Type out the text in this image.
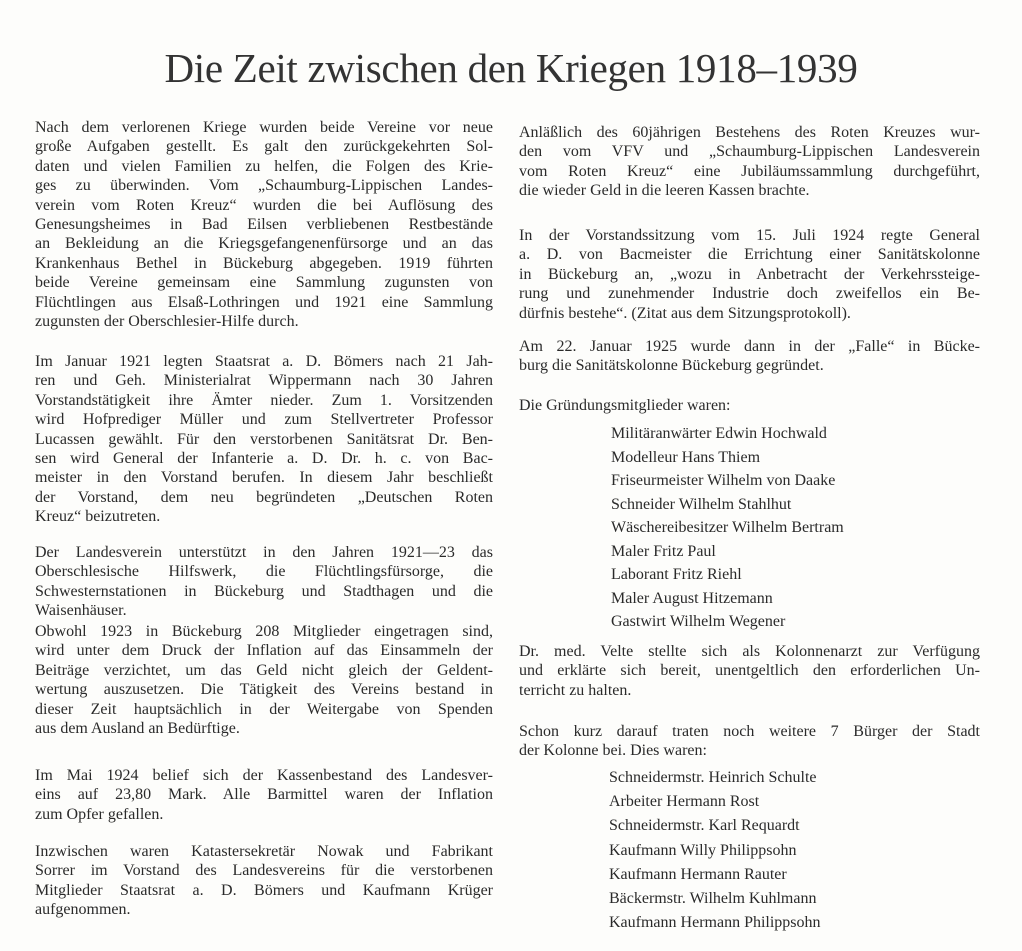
Die Zeit zwischen den Kriegen 1918–1939
Nach dem verlorenen Kriege wurden beide Vereine vor neue
große Aufgaben gestellt. Es galt den zurückgekehrten Sol-
daten und vielen Familien zu helfen, die Folgen des Krie-
ges zu überwinden. Vom „Schaumburg-Lippischen Landes-
verein vom Roten Kreuz“ wurden die bei Auflösung des
Genesungsheimes in Bad Eilsen verbliebenen Restbestände
an Bekleidung an die Kriegsgefangenenfürsorge und an das
Krankenhaus Bethel in Bückeburg abgegeben. 1919 führten
beide Vereine gemeinsam eine Sammlung zugunsten von
Flüchtlingen aus Elsaß-Lothringen und 1921 eine Sammlung
zugunsten der Oberschlesier-Hilfe durch.
Im Januar 1921 legten Staatsrat a. D. Bömers nach 21 Jah-
ren und Geh. Ministerialrat Wippermann nach 30 Jahren
Vorstandstätigkeit ihre Ämter nieder. Zum 1. Vorsitzenden
wird Hofprediger Müller und zum Stellvertreter Professor
Lucassen gewählt. Für den verstorbenen Sanitätsrat Dr. Ben-
sen wird General der Infanterie a. D. Dr. h. c. von Bac-
meister in den Vorstand berufen. In diesem Jahr beschließt
der Vorstand, dem neu begründeten „Deutschen Roten
Kreuz“ beizutreten.
Der Landesverein unterstützt in den Jahren 1921—23 das
Oberschlesische Hilfswerk, die Flüchtlingsfürsorge, die
Schwesternstationen in Bückeburg und Stadthagen und die
Waisenhäuser.
Obwohl 1923 in Bückeburg 208 Mitglieder eingetragen sind,
wird unter dem Druck der Inflation auf das Einsammeln der
Beiträge verzichtet, um das Geld nicht gleich der Geldent-
wertung auszusetzen. Die Tätigkeit des Vereins bestand in
dieser Zeit hauptsächlich in der Weitergabe von Spenden
aus dem Ausland an Bedürftige.
Im Mai 1924 belief sich der Kassenbestand des Landesver-
eins auf 23,80 Mark. Alle Barmittel waren der Inflation
zum Opfer gefallen.
Inzwischen waren Katastersekretär Nowak und Fabrikant
Sorrer im Vorstand des Landesvereins für die verstorbenen
Mitglieder Staatsrat a. D. Bömers und Kaufmann Krüger
aufgenommen.
Anläßlich des 60jährigen Bestehens des Roten Kreuzes wur-
den vom VFV und „Schaumburg-Lippischen Landesverein
vom Roten Kreuz“ eine Jubiläumssammlung durchgeführt,
die wieder Geld in die leeren Kassen brachte.
In der Vorstandssitzung vom 15. Juli 1924 regte General
a. D. von Bacmeister die Errichtung einer Sanitätskolonne
in Bückeburg an, „wozu in Anbetracht der Verkehrssteige-
rung und zunehmender Industrie doch zweifellos ein Be-
dürfnis bestehe“. (Zitat aus dem Sitzungsprotokoll).
Am 22. Januar 1925 wurde dann in der „Falle“ in Bücke-
burg die Sanitätskolonne Bückeburg gegründet.
Die Gründungsmitglieder waren:
Militäranwärter Edwin Hochwald
Modelleur Hans Thiem
Friseurmeister Wilhelm von Daake
Schneider Wilhelm Stahlhut
Wäschereibesitzer Wilhelm Bertram
Maler Fritz Paul
Laborant Fritz Riehl
Maler August Hitzemann
Gastwirt Wilhelm Wegener
Dr. med. Velte stellte sich als Kolonnenarzt zur Verfügung
und erklärte sich bereit, unentgeltlich den erforderlichen Un-
terricht zu halten.
Schon kurz darauf traten noch weitere 7 Bürger der Stadt
der Kolonne bei. Dies waren:
Schneidermstr. Heinrich Schulte
Arbeiter Hermann Rost
Schneidermstr. Karl Requardt
Kaufmann Willy Philippsohn
Kaufmann Hermann Rauter
Bäckermstr. Wilhelm Kuhlmann
Kaufmann Hermann Philippsohn
